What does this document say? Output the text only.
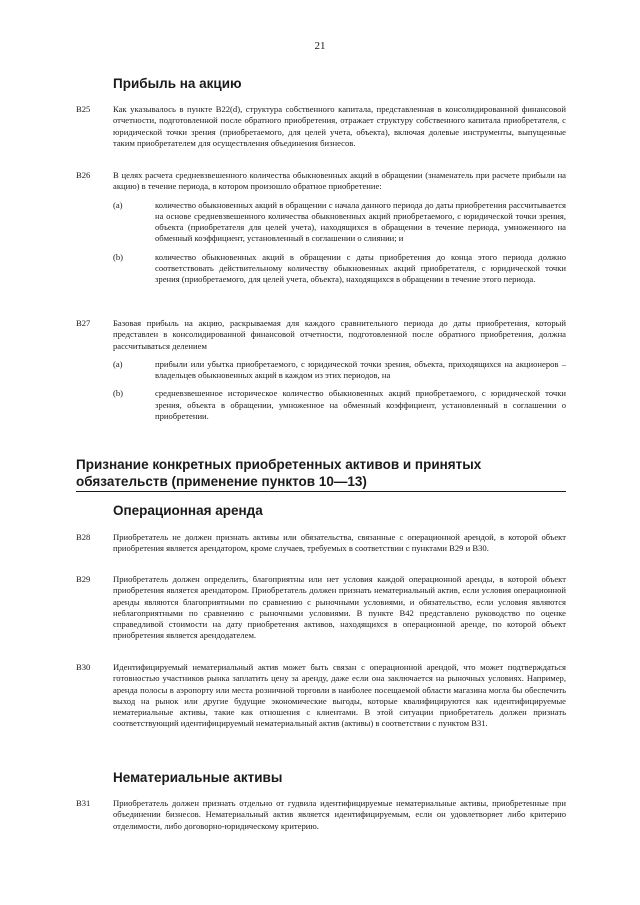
21
Прибыль на акцию
B25	Как указывалось в пункте B22(d), структура собственного капитала, представленная в консолидированной финансовой отчетности, подготовленной после обратного приобретения, отражает структуру собственного капитала приобретателя, с юридической точки зрения (приобретаемого, для целей учета, объекта), включая долевые инструменты, выпущенные таким приобретателем для осуществления объединения бизнесов.
B26	В целях расчета средневзвешенного количества обыкновенных акций в обращении (знаменатель при расчете прибыли на акцию) в течение периода, в котором произошло обратное приобретение:
(a)	количество обыкновенных акций в обращении с начала данного периода до даты приобретения рассчитывается на основе средневзвешенного количества обыкновенных акций приобретаемого, с юридической точки зрения, объекта (приобретателя для целей учета), находящихся в обращении в течение периода, умноженного на обменный коэффициент, установленный в соглашении о слиянии; и
(b)	количество обыкновенных акций в обращении с даты приобретения до конца этого периода должно соответствовать действительному количеству обыкновенных акций приобретателя, с юридической точки зрения (приобретаемого, для целей учета, объекта), находящихся в обращении в течение этого периода.
B27	Базовая прибыль на акцию, раскрываемая для каждого сравнительного периода до даты приобретения, который представлен в консолидированной финансовой отчетности, подготовленной после обратного приобретения, должна рассчитываться делением
(a)	прибыли или убытка приобретаемого, с юридической точки зрения, объекта, приходящихся на акционеров – владельцев обыкновенных акций в каждом из этих периодов, на
(b)	средневзвешенное историческое количество обыкновенных акций приобретаемого, с юридической точки зрения, объекта в обращении, умноженное на обменный коэффициент, установленный в соглашении о приобретении.
Признание конкретных приобретенных активов и принятых
обязательств (применение пунктов 10—13)
Операционная аренда
B28	Приобретатель не должен признать активы или обязательства, связанные с операционной арендой, в которой объект приобретения является арендатором, кроме случаев, требуемых в соответствии с пунктами B29 и B30.
B29	Приобретатель должен определить, благоприятны или нет условия каждой операционной аренды, в которой объект приобретения является арендатором. Приобретатель должен признать нематериальный актив, если условия операционной аренды являются благоприятными по сравнению с рыночными условиями, и обязательство, если условия являются неблагоприятными по сравнению с рыночными условиями. В пункте B42 представлено руководство по оценке справедливой стоимости на дату приобретения активов, находящихся в операционной аренде, по которой объект приобретения является арендодателем.
B30	Идентифицируемый нематериальный актив может быть связан с операционной арендой, что может подтверждаться готовностью участников рынка заплатить цену за аренду, даже если она заключается на рыночных условиях. Например, аренда полосы в аэропорту или места розничной торговли в наиболее посещаемой области магазина могла бы обеспечить выход на рынок или другие будущие экономические выгоды, которые квалифицируются как идентифицируемые нематериальные активы, такие как отношения с клиентами. В этой ситуации приобретатель должен признать соответствующий идентифицируемый нематериальный актив (активы) в соответствии с пунктом B31.
Нематериальные активы
B31	Приобретатель должен признать отдельно от гудвила идентифицируемые нематериальные активы, приобретенные при объединении бизнесов. Нематериальный актив является идентифицируемым, если он удовлетворяет либо критерию отделимости, либо договорно-юридическому критерию.
